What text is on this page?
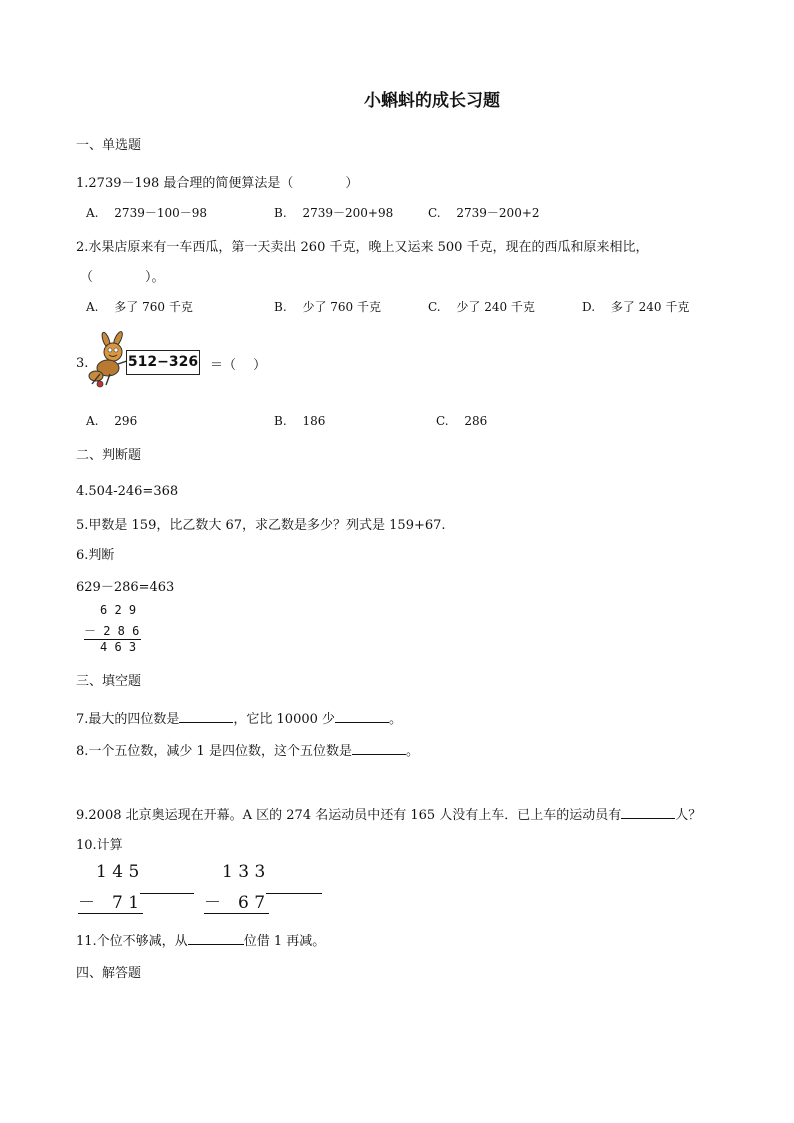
小蝌蚪的成长习题
一、单选题
1.2739－198 最合理的简便算法是（　　　　）
A.　 2739－100－98	B.　 2739－200+98	C.　 2739－200+2
2.水果店原来有一车西瓜，第一天卖出 260 千克，晚上又运来 500 千克，现在的西瓜和原来相比，
（　　　　）。
A.　 多了 760 千克	B.　 少了 760 千克	C.　 少了 240 千克	D.　 多了 240 千克
3.	512−326 ＝（　 ）
A.　 296	B.　 186	C.　 286
二、判断题
4.504-246=368
5.甲数是 159，比乙数大 67，求乙数是多少？列式是 159+67.
6.判断
629－286=463
6 2 9
－ 2 8 6
4 6 3
三、填空题
7.最大的四位数是	，它比 10000 少	。
8.一个五位数，减少 1 是四位数，这个五位数是	。
9.2008 北京奥运现在开幕。A 区的 274 名运动员中还有 165 人没有上车．已上车的运动员有	人？
10.计算
1 4 5
－　7 1
1 3 3
－　6 7
11.个位不够减，从	位借 1 再减。
四、解答题
